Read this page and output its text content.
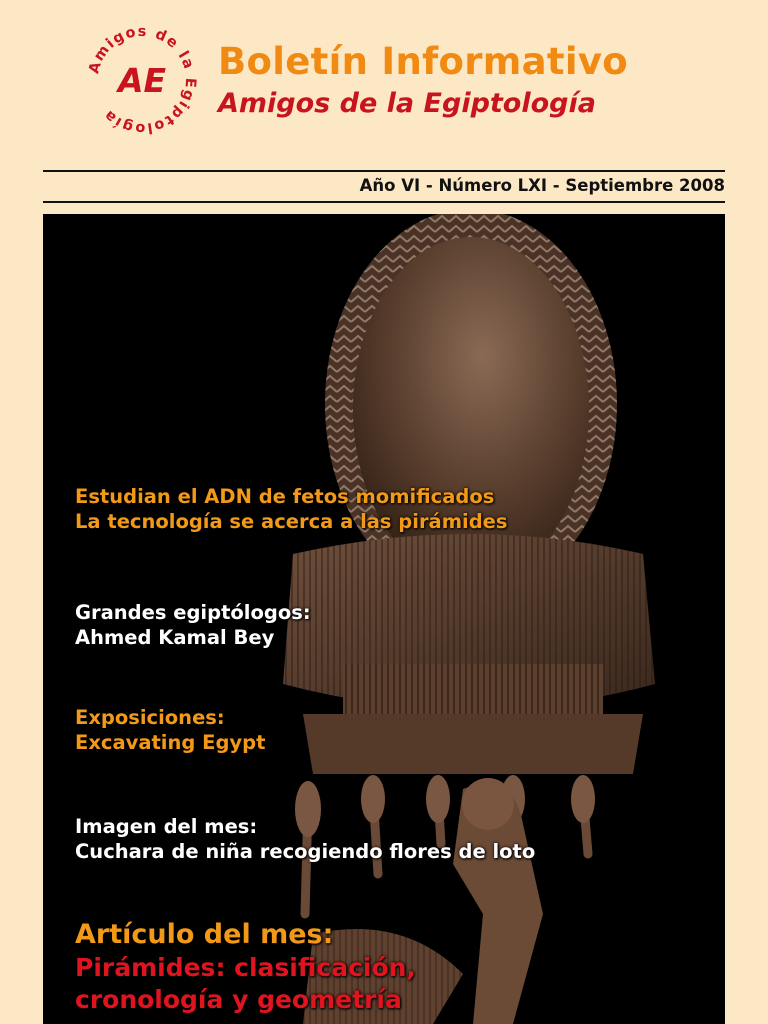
Amigos de la Egiptología
AE Boletín Informativo
Amigos de la Egiptología
Año VI - Número LXI - Septiembre 2008
Estudian el ADN de fetos momificados
La tecnología se acerca a las pirámides
Grandes egiptólogos:
Ahmed Kamal Bey
Exposiciones:
Excavating Egypt
Imagen del mes:
Cuchara de niña recogiendo flores de loto
Artículo del mes:
Pirámides: clasificación,
cronología y geometría
